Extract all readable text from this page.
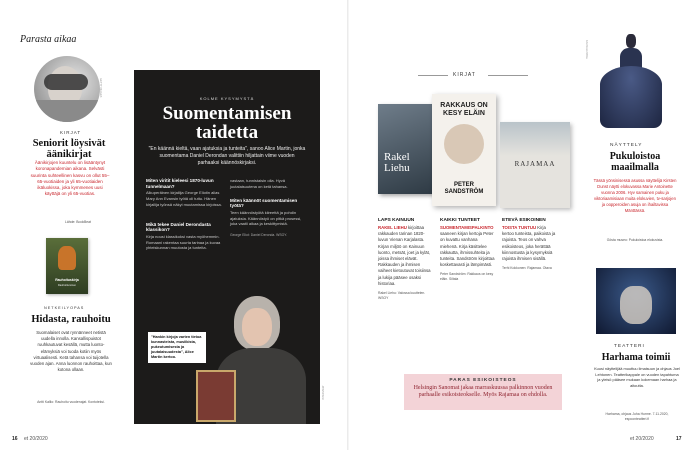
Parasta aikaa
GETTY IMAGES
KIRJAT
Seniorit löysivät äänikirjat
Äänikirjojen kuuntelu on lisääntynyt koronapandemian aikana. Selvästi suurinta suhteellinen kasvu on ollut 55–65-vuotiaiden ja yli 65-vuotiaiden ikäluokissa, joka kymmenes uusi käyttäjä on yli 65-vuotias.
Lähde: BookBeat
Rauhoituskirja
Rauhoittuminen
NETKEILYOPAS
Hidasta, rauhoitu
Suomalaiset ovat rynnänneet netistä uudella innolla. Kansallispuistot ruuhkautuvat kesällä, mutta luonto-elämyksiä voi tuoda kotiin myös virtuaalisesti. Ketä tahansa voi tuijotella vuoden ajan. Anna luonnon rauhoittaa, kun kotona ollaan.
Antti Kallio: Rauhoitu vuodenajat. Kontoteksi.
KOLME KYSYMYSTÄ
Suomentamisen taidetta
"En käännä kieltä, vaan ajatuksia ja tunteita", sanoo Alice Martin, jonka suomentama Daniel Derondan valittiin hiljattain viime vuoden parhaaksi käännöskirjaksi.
Miten viritit kieleesi 1870-luvun tunnelmaan?
Alkuperäinen kirjailija George Eliotin alias Mary Ann Evansin työtä oli tuttu. Hänen kirjailija työnsä näkyi muutamissa kirjoissa.
Mikä tekee Daniel Derondasta klassikon?
Kirja nousi klassikoksi vasta myöhemmin. Romaani rakentaa suurta tarinaa ja kuvaa yhteiskunnan muutosta ja tunteita.
vastaan, tunnistaisin olla. Hyvä juutalaisuutena on ketä tahansa.
Miten käännöt suomentamisen työtä?
Teen käännöstyötä kiireettä ja pohdin ajatuksia. Käännöstyö on pitkä prosessi, joka vaatii aikaa ja keskittymistä.
George Eliot: Daniel Deronda. WSOY.
"Hankin kirjoja varten tietoa kunnasteista, musiikista, pukeutumisesta ja juutalaisuudesta", Alice Martin kertoo.
INTERVIEW
16 et 20/2020
KIRJAT
Rakel Liehu
RAKKAUS ON KESY ELÄIN
PETER SANDSTRÖM
RAJAMAA
LAPS KAINUUN
RAKEL LIEHU kirjoittaa rakkauden tarinan 1820-luvun Vienan Karjalasta. Kirjan miljöö on Kainuun luonto, metsät, joet ja kylät, joissa ihmiset elävät. Rakkauden ja ihmisen vaiheet kietoutuvat toisiinsa ja lukija pääsee osaksi historiaa.
Rakel Liehu: Valossa kuuttelen. WSOY
KAIKKI TUNTEET
SUOMENTAMISPALKINTO saaneen kirjan kertoja Peter on kuvattu vanhana miehenä. Kirja käsittelee rakkautta, ihmissuhteita ja tunteita. Sandström kirjoittaa koskettavasti ja lämpimästi.
Peter Sandström: Rakkaus on kesy eläin. Siltala
ETEVÄ ESIKOINEN
TOISTA TUNTUU Kirja kertoo tunteista, paikoista ja rajoista. Teos on vahva esikoisteos, joka herättää kiinnostusta ja kysymyksiä rajoista ihmisen sisällä.
Terhi Kokkonen: Rajamaa. Otava
PARAS ESIKOISTEOS
Helsingin Sanomat jakaa marraskuussa palkinnon vuoden parhaalle esikoisteokselle. Myös Rajamaa on ehdolla.
KANSALLISBAL
NÄYTTELY
Pukuloistoa maailmalla
Tässä yönsinisessä asussa näyttelijä Kirsten Dunst näytti elokuvassa Marie Antoinette vuonna 2006. Hyv samainen puku ja viktoriaamisiaan muita elokuvien, tv-sarjojen ja oopperoiden asuja on ihailtavissa Mänttässä.
Gösta museo: Pukuloistoa elokuvista.
TEATTERI
Harhama toimii
Kuusi näyttelijää muuttuu ilmaisuun ja ohjaus Joel Lehtonen. Teatterikappale on vuoden tapahtuma ja yleisö pääsee mukaan kokemaan harhaa ja aitoutta.
Harhama, ohjaus Juha Hurme. 7.11.2020, espoonteatteri.fi
et 20/2020	17
